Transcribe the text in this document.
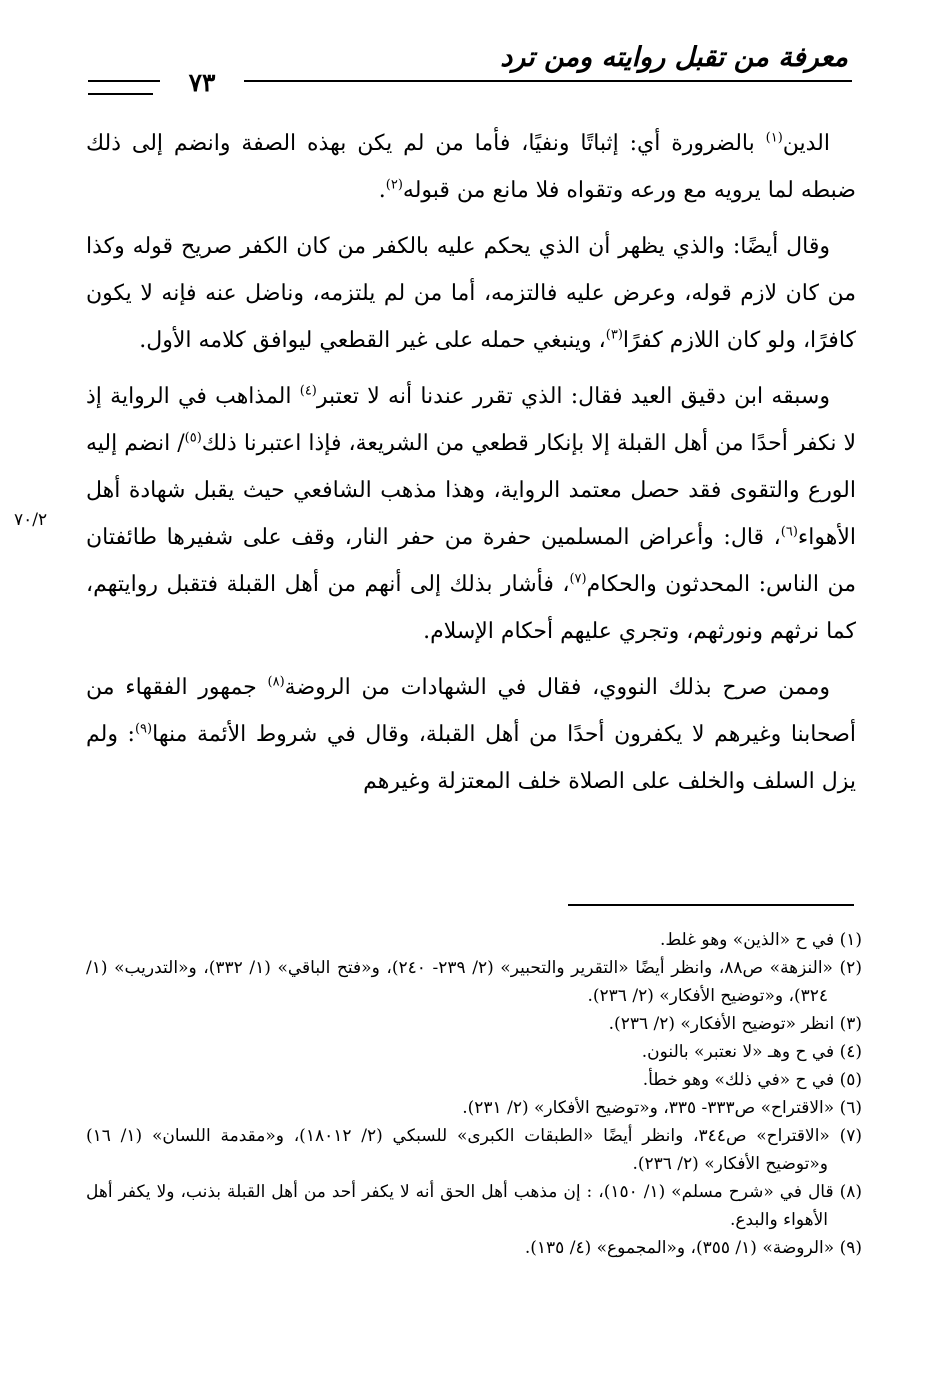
معرفة من تقبل روايته ومن ترد
٧٣
٧٠/٢

الدين$^{(١)}$ بالضرورة أي: إثباتًا ونفيًا، فأما من لم يكن بهذه الصفة وانضم إلى ذلك ضبطه لما يرويه مع ورعه وتقواه فلا مانع من قبوله$^{(٢)}$.

وقال أيضًا: والذي يظهر أن الذي يحكم عليه بالكفر من كان الكفر صريح قوله وكذا من كان لازم قوله، وعرض عليه فالتزمه، أما من لم يلتزمه، وناضل عنه فإنه لا يكون كافرًا، ولو كان اللازم كفرًا$^{(٣)}$، وينبغي حمله على غير القطعي ليوافق كلامه الأول.

وسبقه ابن دقيق العيد فقال: الذي تقرر عندنا أنه لا تعتبر$^{(٤)}$ المذاهب في الرواية إذ لا نكفر أحدًا من أهل القبلة إلا بإنكار قطعي من الشريعة، فإذا اعتبرنا ذلك$^{(٥)}$/ انضم إليه الورع والتقوى فقد حصل معتمد الرواية، وهذا مذهب الشافعي حيث يقبل شهادة أهل الأهواء$^{(٦)}$، قال: وأعراض المسلمين حفرة من حفر النار، وقف على شفيرها طائفتان من الناس: المحدثون والحكام$^{(٧)}$، فأشار بذلك إلى أنهم من أهل القبلة فتقبل روايتهم، كما نرثهم ونورثهم، وتجري عليهم أحكام الإسلام.

وممن صرح بذلك النووي، فقال في الشهادات من الروضة$^{(٨)}$ جمهور الفقهاء من أصحابنا وغيرهم لا يكفرون أحدًا من أهل القبلة، وقال في شروط الأئمة منها$^{(٩)}$: ولم يزل السلف والخلف على الصلاة خلف المعتزلة وغيرهم

(١) في ح «الذين» وهو غلط.

(٢) «النزهة» ص٨٨، وانظر أيضًا «التقرير والتحبير» (٢/ ٢٣٩- ٢٤٠)، و«فتح الباقي» (١/ ٣٣٢)، و«التدريب» (١/ ٣٢٤)، و«توضيح الأفكار» (٢/ ٢٣٦).

(٣) انظر «توضيح الأفكار» (٢/ ٢٣٦).

(٤) في ح وهـ «لا نعتبر» بالنون.

(٥) في ح «في ذلك» وهو خطأ.

(٦) «الاقتراح» ص٣٣٣- ٣٣٥، و«توضيح الأفكار» (٢/ ٢٣١).

(٧) «الاقتراح» ص٣٤٤، وانظر أيضًا «الطبقات الكبرى» للسبكي (٢/ ١٨٠١٢)، و«مقدمة اللسان» (١/ ١٦) و«توضيح الأفكار» (٢/ ٢٣٦).

(٨) قال في «شرح مسلم» (١/ ١٥٠)، : إن مذهب أهل الحق أنه لا يكفر أحد من أهل القبلة بذنب، ولا يكفر أهل الأهواء والبدع.

(٩) «الروضة» (١/ ٣٥٥)، و«المجموع» (٤/ ١٣٥).
